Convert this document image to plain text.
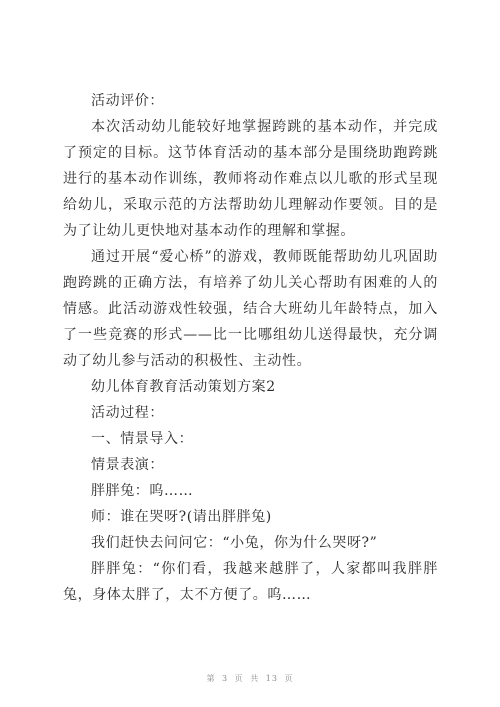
活动评价：

本次活动幼儿能较好地掌握跨跳的基本动作，并完成了预定的目标。这节体育活动的基本部分是围绕助跑跨跳进行的基本动作训练，教师将动作难点以儿歌的形式呈现给幼儿，采取示范的方法帮助幼儿理解动作要领。目的是为了让幼儿更快地对基本动作的理解和掌握。

通过开展“爱心桥”的游戏，教师既能帮助幼儿巩固助跑跨跳的正确方法，有培养了幼儿关心帮助有困难的人的情感。此活动游戏性较强，结合大班幼儿年龄特点，加入了一些竞赛的形式——比一比哪组幼儿送得最快，充分调动了幼儿参与活动的积极性、主动性。

幼儿体育教育活动策划方案2

活动过程：

一、情景导入：

情景表演：

胖胖兔：呜……

师：谁在哭呀?(请出胖胖兔)

我们赶快去问问它：“小兔，你为什么哭呀?”

胖胖兔：“你们看，我越来越胖了，人家都叫我胖胖兔，身体太胖了，太不方便了。呜……

第 3 页 共 13 页
